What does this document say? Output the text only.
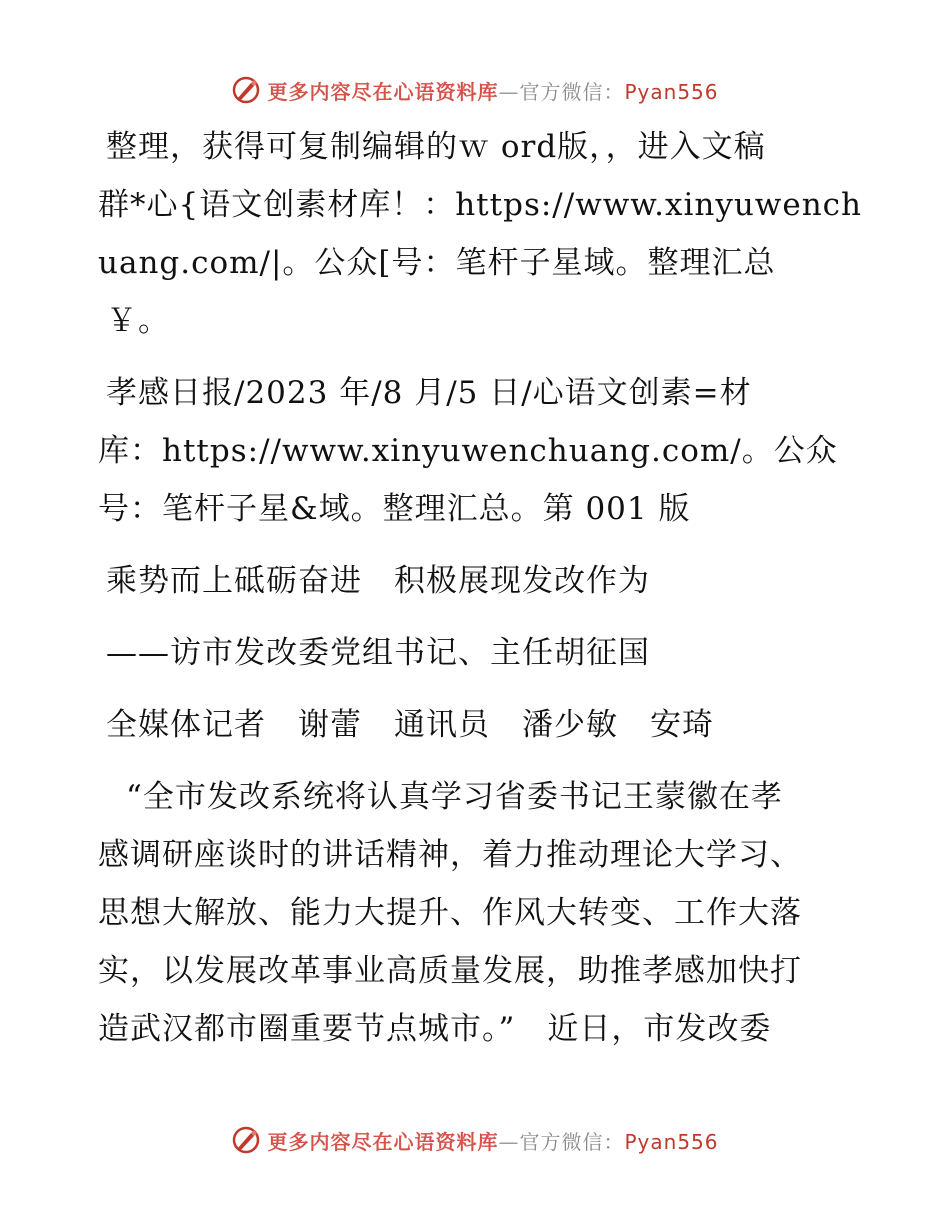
更多内容尽在心语资料库—官方微信：Pyan556
整理，获得可复制编辑的ｗ ord版，，进入文稿
群*心{语文创素材库！：https://www.xinyuwench
uang.com/|。公众[号：笔杆子星域。整理汇总
￥。
孝感日报/2023 年/8 月/5 日/心语文创素=材
库：https://www.xinyuwenchuang.com/。公众
号：笔杆子星&域。整理汇总。第 001 版
乘势而上砥砺奋进　积极展现发改作为
——访市发改委党组书记、主任胡征国
全媒体记者　谢蕾　通讯员　潘少敏　安琦
“全市发改系统将认真学习省委书记王蒙徽在孝
感调研座谈时的讲话精神，着力推动理论大学习、
思想大解放、能力大提升、作风大转变、工作大落
实，以发展改革事业高质量发展，助推孝感加快打
造武汉都市圈重要节点城市。”　近日，市发改委
更多内容尽在心语资料库—官方微信：Pyan556
